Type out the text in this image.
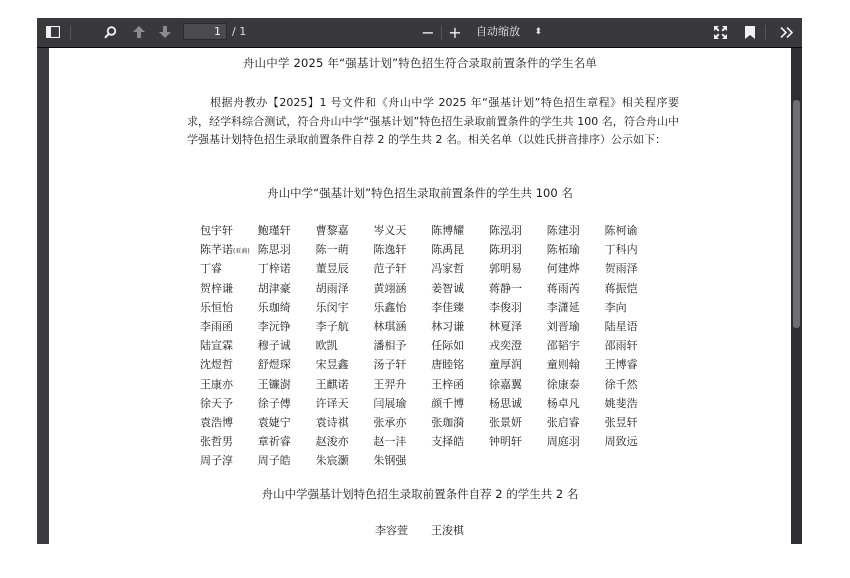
1	/ 1	− +	自动缩放 ⬍
舟山中学 2025 年“强基计划”特色招生符合录取前置条件的学生名单
根据舟教办【2025】1 号文件和《舟山中学 2025 年“强基计划”特色招生章程》相关程序要求，经学科综合测试，符合舟山中学“强基计划”特色招生录取前置条件的学生共 100 名，符合舟山中学强基计划特色招生录取前置条件自荐 2 的学生共 2 名。相关名单（以姓氏拼音排序）公示如下：
舟山中学“强基计划”特色招生录取前置条件的学生共 100 名
包宇轩	鲍瑾轩	曹黎嘉	岑义天	陈博耀	陈泓羽	陈建羽	陈柯谕
陈芊诺(亚裔) 陈思羽	陈一萌	陈逸轩	陈禹昆	陈玥羽	陈柘瑜	丁科内
丁睿	丁梓诺	董昱辰	范子轩	冯家哲	郭明易	何建烨	贺雨泽
贺梓谦	胡津豪	胡雨泽	黄翊涵	姜智诚	蒋静一	蒋雨芮	蒋振恺
乐恒怡	乐珈绮	乐闵宇	乐鑫怡	李佳臻	李俊羽	李潇延	李向
李雨函	李沅铮	李子航	林琪涵	林习谦	林夏泽	刘晋瑜	陆星语
陆宣霖	穆子诚	欧凯	潘相予	任际如	戎奕澄	邵韬宇	邵雨轩
沈煜哲	舒煜琛	宋昱鑫	汤子轩	唐睦铭	童厚润	童则翰	王博睿
王康亦	王镰澍	王麒诺	王羿升	王梓函	徐嘉翼	徐康泰	徐千然
徐天予	徐子傅	许译天	闫展瑜	颜千博	杨思诚	杨卓凡	姚斐浩
袁浩博	袁婕宁	袁诗祺	张承亦	张珈漪	张景妍	张启睿	张昱轩
张哲男	章祈睿	赵浚亦	赵一沣	支择皓	钟明轩	周庭羽	周致远
周子淳	周子皓	朱宸灏	朱钢强
舟山中学强基计划特色招生录取前置条件自荐 2 的学生共 2 名
李容萱 王浚棋	东
